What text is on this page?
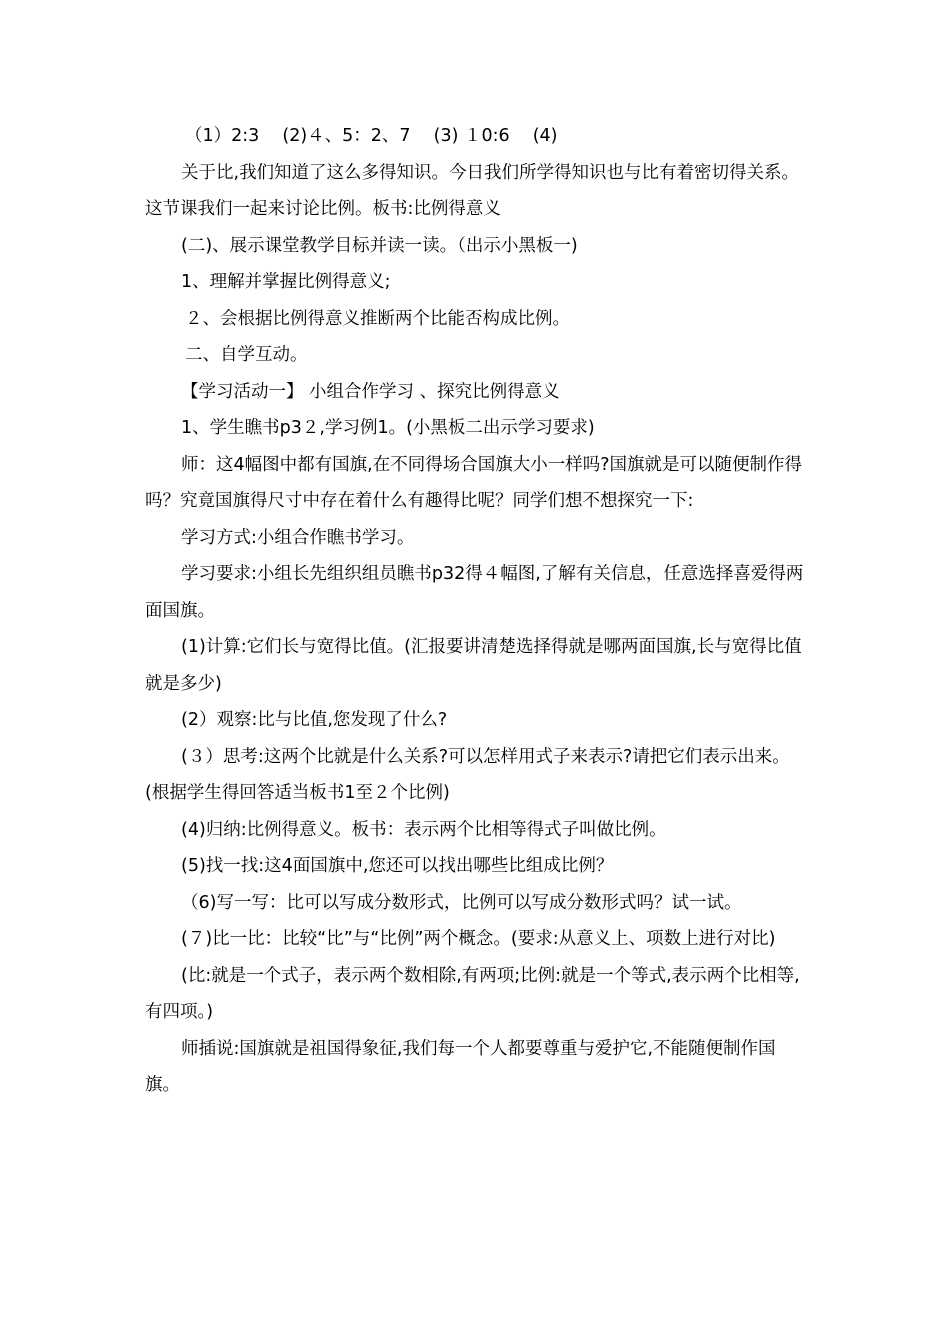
（1）2:3　 (2)４、5：2、7　 (3) １0:6 　(4)

关于比,我们知道了这么多得知识。今日我们所学得知识也与比有着密切得关系。这节课我们一起来讨论比例。板书:比例得意义

(二)、展示课堂教学目标并读一读。（出示小黑板一)

1、理解并掌握比例得意义;

２、会根据比例得意义推断两个比能否构成比例。

二、自学互动。

【学习活动一】 小组合作学习 、探究比例得意义

1、学生瞧书p3２,学习例1。(小黑板二出示学习要求)

师：这4幅图中都有国旗,在不同得场合国旗大小一样吗?国旗就是可以随便制作得吗？究竟国旗得尺寸中存在着什么有趣得比呢？同学们想不想探究一下:

学习方式:小组合作瞧书学习。

学习要求:小组长先组织组员瞧书p32得４幅图,了解有关信息，任意选择喜爱得两面国旗。

(1)计算:它们长与宽得比值。(汇报要讲清楚选择得就是哪两面国旗,长与宽得比值就是多少)

(2）观察:比与比值,您发现了什么?

(３）思考:这两个比就是什么关系?可以怎样用式子来表示?请把它们表示出来。(根据学生得回答适当板书1至２个比例)

(4)归纳:比例得意义。板书：表示两个比相等得式子叫做比例。

(5)找一找:这4面国旗中,您还可以找出哪些比组成比例？

（6)写一写：比可以写成分数形式，比例可以写成分数形式吗？试一试。

(７)比一比：比较“比”与“比例”两个概念。(要求:从意义上、项数上进行对比)

(比:就是一个式子，表示两个数相除,有两项;比例:就是一个等式,表示两个比相等,有四项。)

师插说:国旗就是祖国得象征,我们每一个人都要尊重与爱护它,不能随便制作国旗。
